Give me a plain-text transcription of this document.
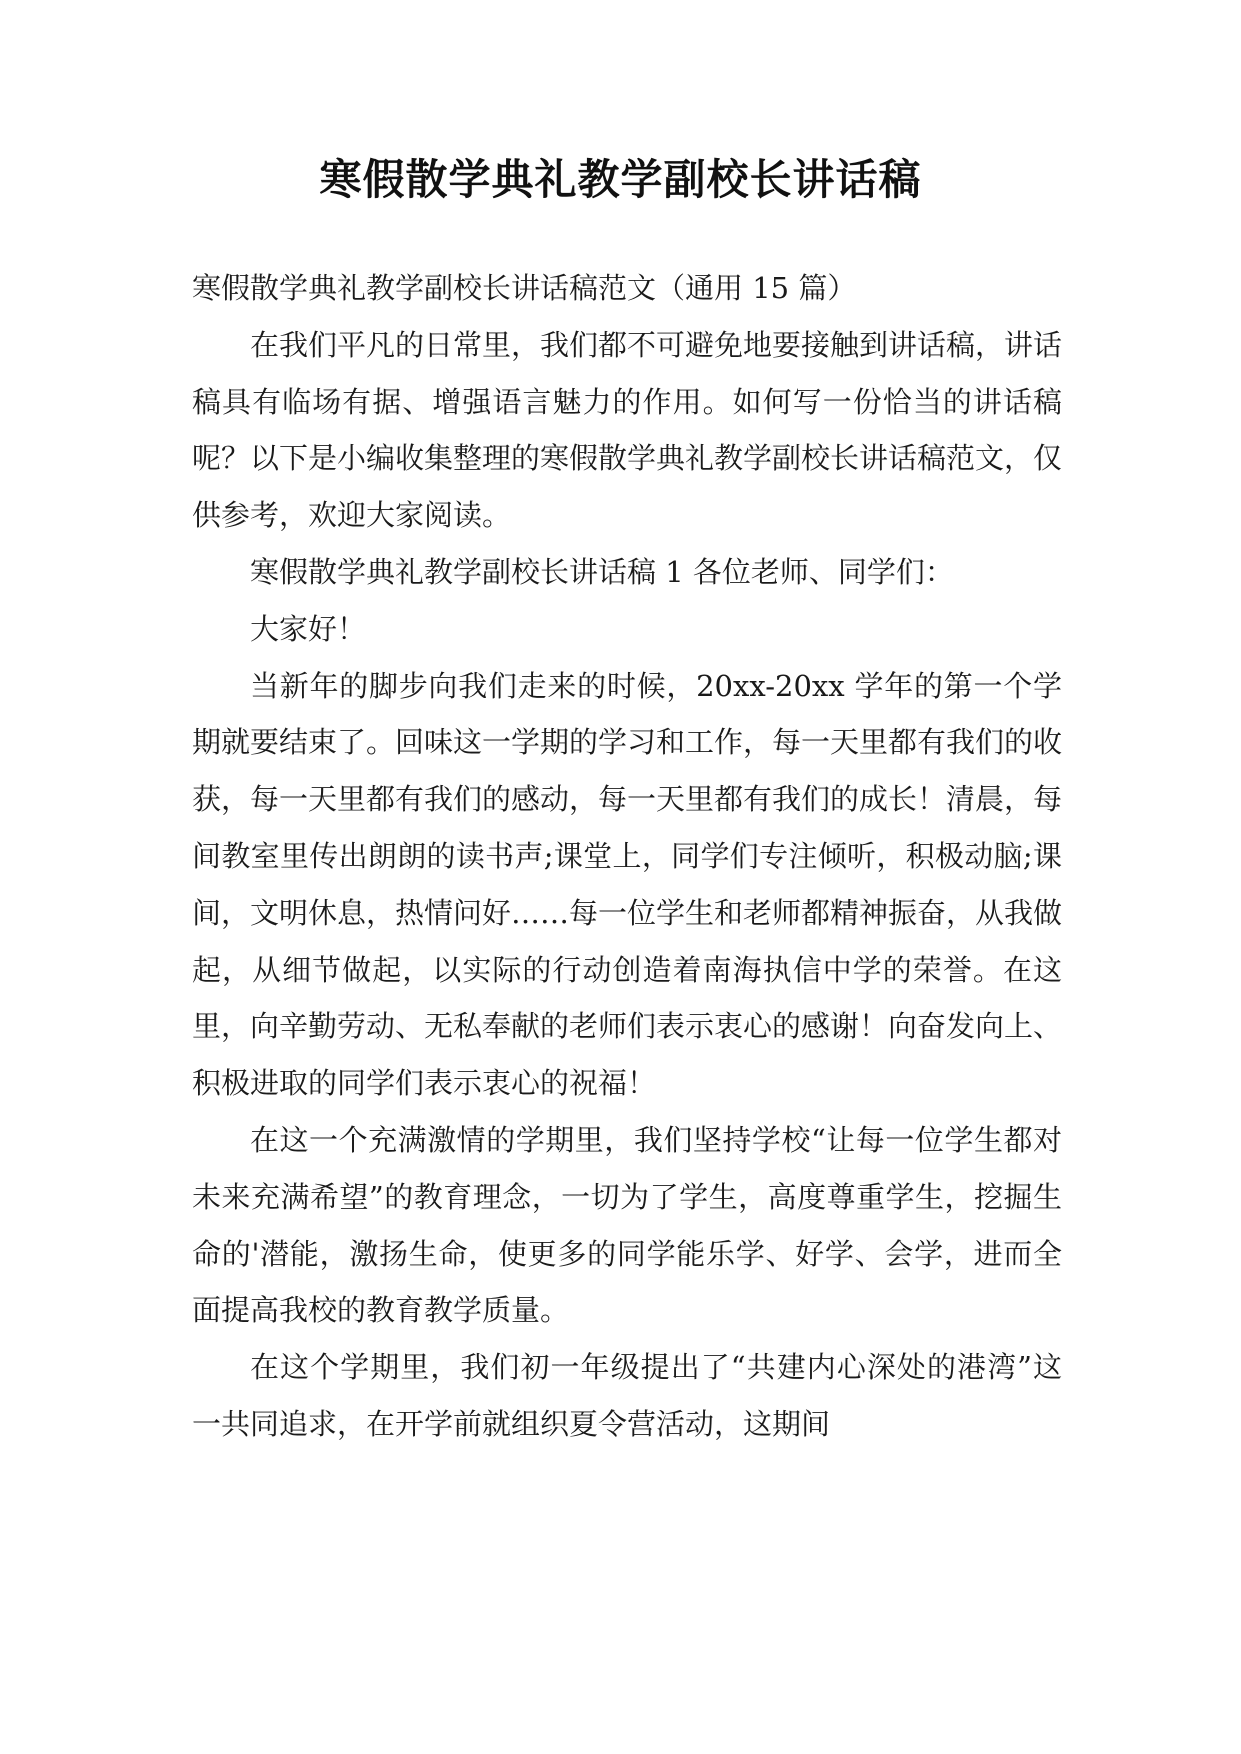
寒假散学典礼教学副校长讲话稿

寒假散学典礼教学副校长讲话稿范文（通用 15 篇）

在我们平凡的日常里，我们都不可避免地要接触到讲话稿，讲话稿具有临场有据、增强语言魅力的作用。如何写一份恰当的讲话稿呢？以下是小编收集整理的寒假散学典礼教学副校长讲话稿范文，仅供参考，欢迎大家阅读。

寒假散学典礼教学副校长讲话稿 1 各位老师、同学们：

大家好！

当新年的脚步向我们走来的时候，20xx-20xx 学年的第一个学期就要结束了。回味这一学期的学习和工作，每一天里都有我们的收获，每一天里都有我们的感动，每一天里都有我们的成长！清晨，每间教室里传出朗朗的读书声;课堂上，同学们专注倾听，积极动脑;课间，文明休息，热情问好……每一位学生和老师都精神振奋，从我做起，从细节做起，以实际的行动创造着南海执信中学的荣誉。在这里，向辛勤劳动、无私奉献的老师们表示衷心的感谢！向奋发向上、积极进取的同学们表示衷心的祝福！

在这一个充满激情的学期里，我们坚持学校“让每一位学生都对未来充满希望”的教育理念，一切为了学生，高度尊重学生，挖掘生命的'潜能，激扬生命，使更多的同学能乐学、好学、会学，进而全面提高我校的教育教学质量。

在这个学期里，我们初一年级提出了“共建内心深处的港湾”这一共同追求，在开学前就组织夏令营活动，这期间
